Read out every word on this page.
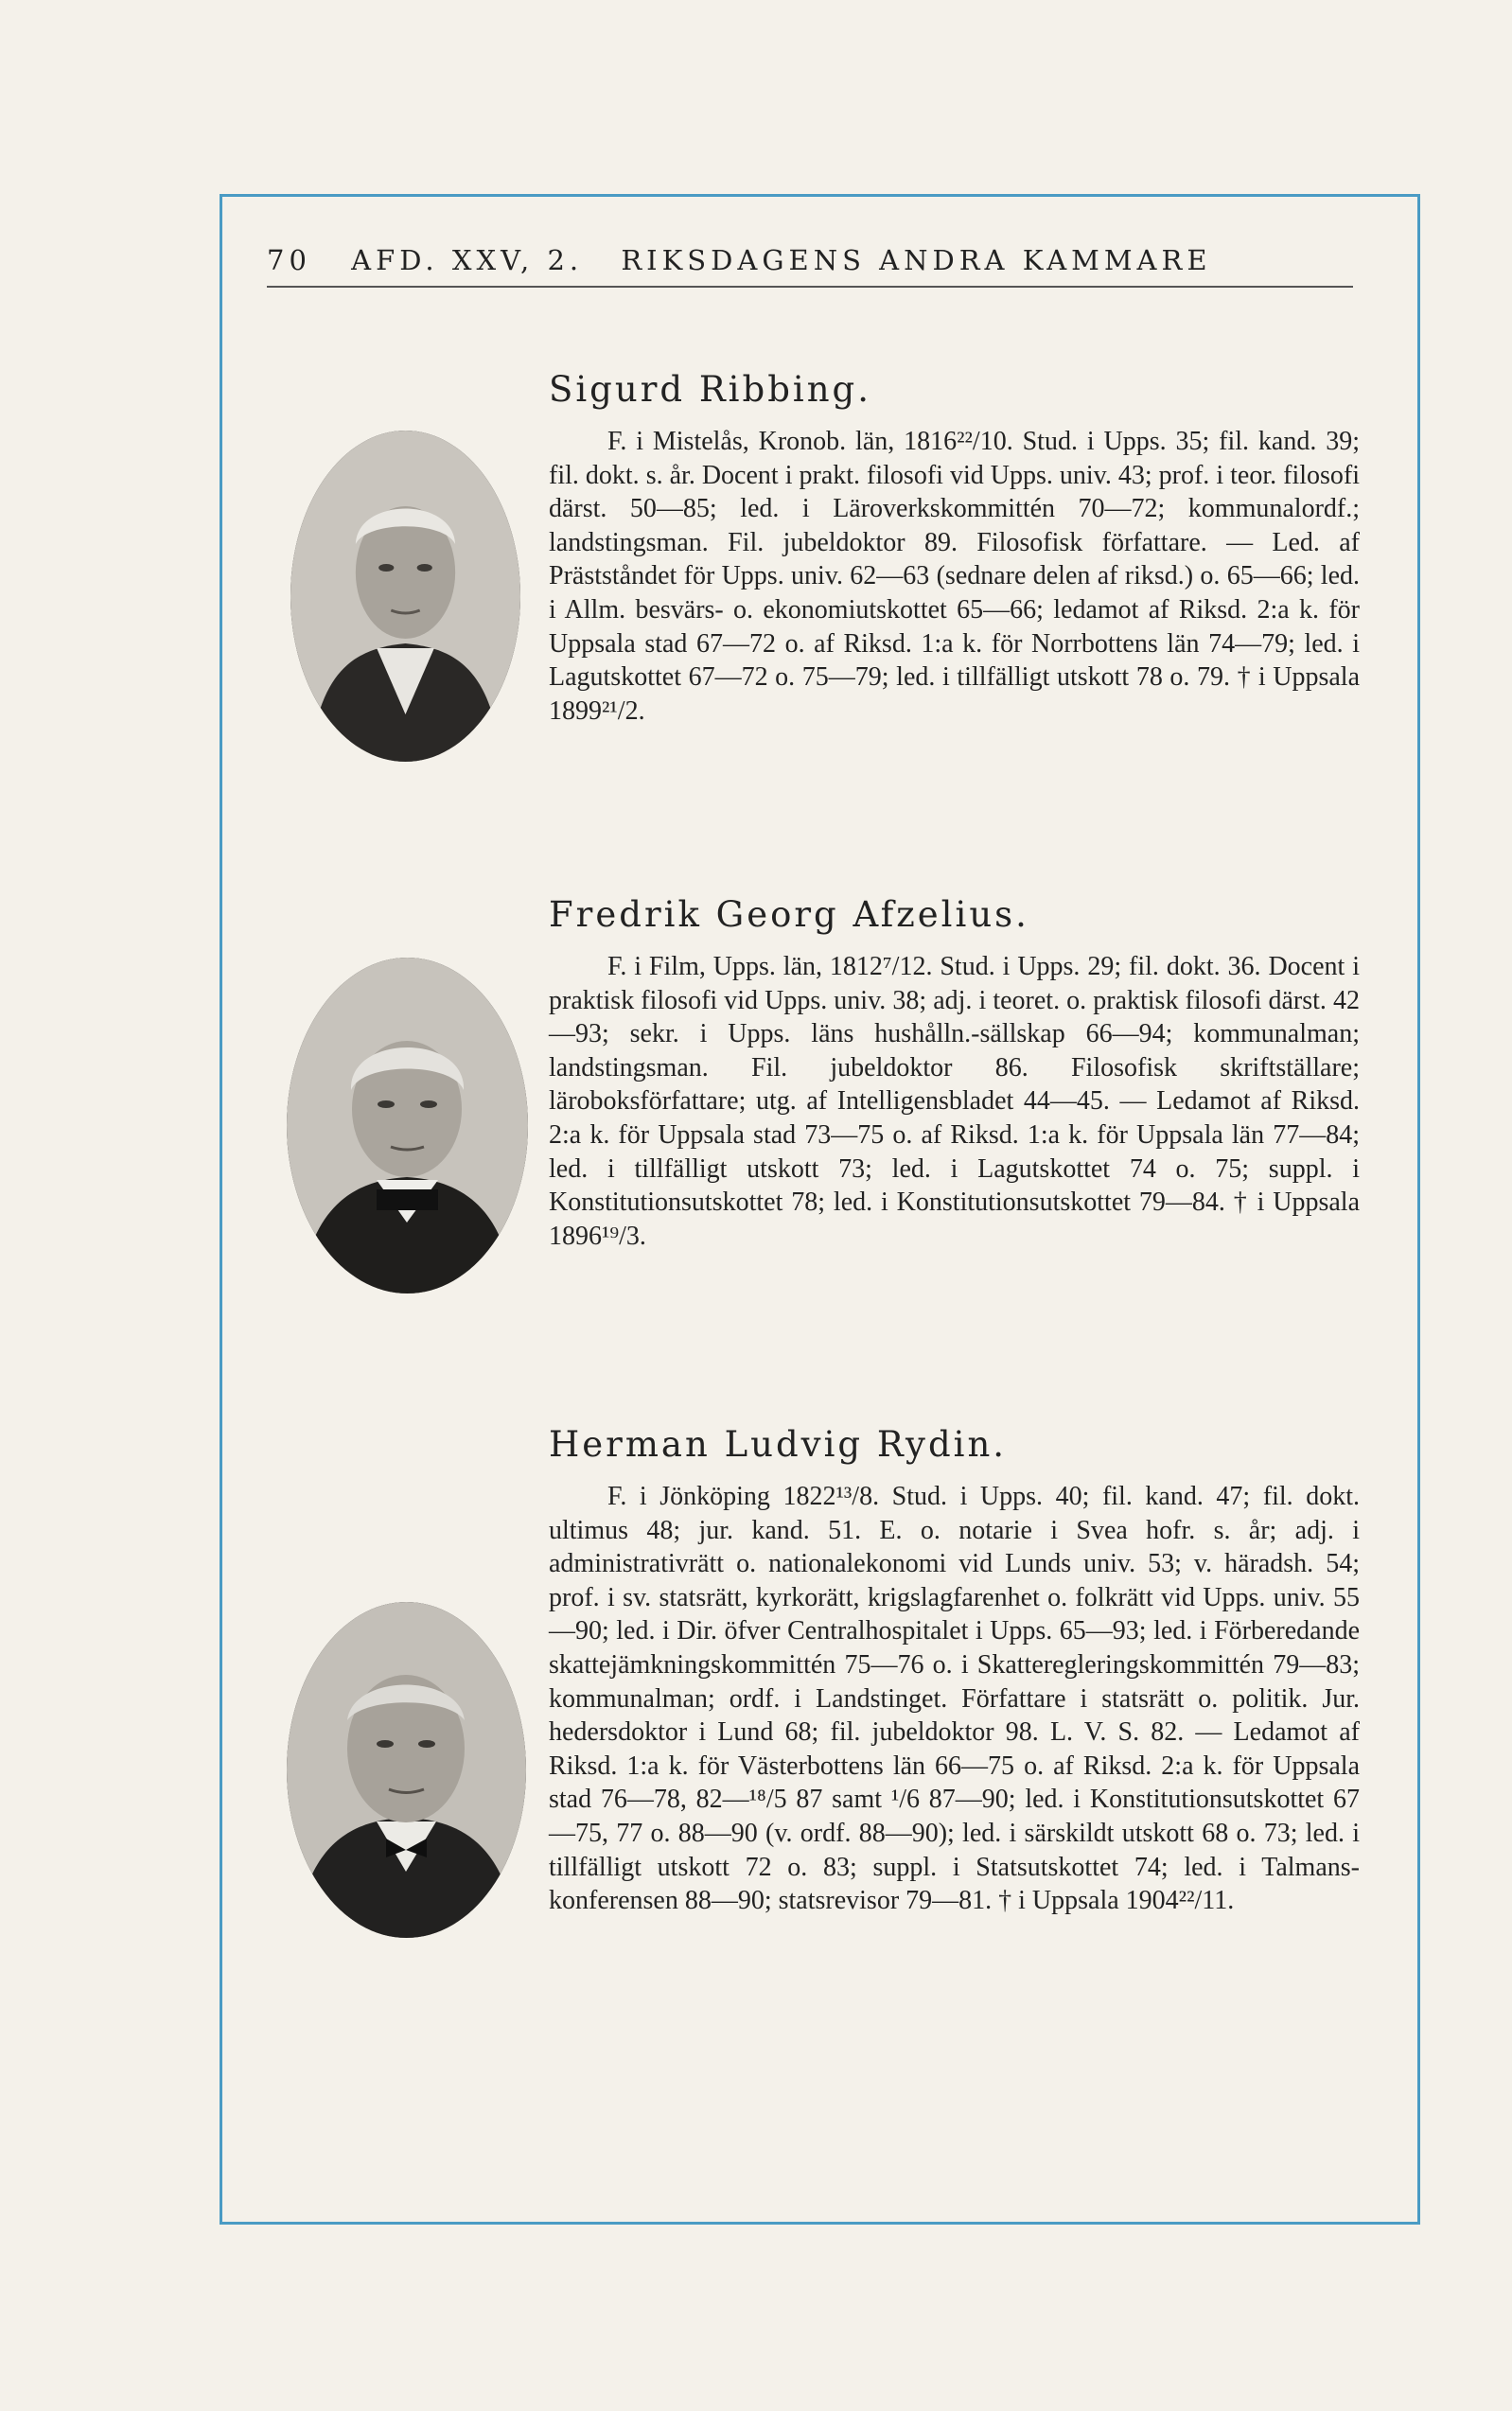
70 AFD. XXV, 2. RIKSDAGENS ANDRA KAMMARE
Sigurd Ribbing.

F. i Mistelås, Kronob. län, 1816²²/10. Stud. i Upps. 35; fil. kand. 39; fil. dokt. s. år. Docent i prakt. filosofi vid Upps. univ. 43; prof. i teor. filosofi därst. 50—85; led. i Läroverkskommittén 70—72; kommunalordf.; landstingsman. Fil. jubeldoktor 89. Filosofisk författare. — Led. af Prästståndet för Upps. univ. 62—63 (sednare delen af riksd.) o. 65—66; led. i Allm. besvärs- o. ekonomiutskottet 65—66; ledamot af Riksd. 2:a k. för Uppsala stad 67—72 o. af Riksd. 1:a k. för Norrbottens län 74—79; led. i Lagutskottet 67—72 o. 75—79; led. i tillfälligt utskott 78 o. 79. † i Uppsala 1899²¹/2.

Fredrik Georg Afzelius.

F. i Film, Upps. län, 1812⁷/12. Stud. i Upps. 29; fil. dokt. 36. Docent i praktisk filosofi vid Upps. univ. 38; adj. i teoret. o. praktisk filosofi därst. 42—93; sekr. i Upps. läns hushålln.-sällskap 66—94; kommunalman; landstingsman. Fil. jubeldoktor 86. Filosofisk skriftställare; läroboksförfattare; utg. af Intelligensbladet 44—45. — Ledamot af Riksd. 2:a k. för Uppsala stad 73—75 o. af Riksd. 1:a k. för Uppsala län 77—84; led. i tillfälligt utskott 73; led. i Lagutskottet 74 o. 75; suppl. i Konstitutionsutskottet 78; led. i Konstitutionsutskottet 79—84. † i Uppsala 1896¹⁹/3.

Herman Ludvig Rydin.

F. i Jönköping 1822¹³/8. Stud. i Upps. 40; fil. kand. 47; fil. dokt. ultimus 48; jur. kand. 51. E. o. notarie i Svea hofr. s. år; adj. i administrativrätt o. nationalekonomi vid Lunds univ. 53; v. häradsh. 54; prof. i sv. statsrätt, kyrkorätt, krigslagfarenhet o. folkrätt vid Upps. univ. 55—90; led. i Dir. öfver Centralhospitalet i Upps. 65—93; led. i Förberedande skattejämkningskommittén 75—76 o. i Skatteregleringskommittén 79—83; kommunalman; ordf. i Landstinget. Författare i statsrätt o. politik. Jur. hedersdoktor i Lund 68; fil. jubeldoktor 98. L. V. S. 82. — Ledamot af Riksd. 1:a k. för Västerbottens län 66—75 o. af Riksd. 2:a k. för Uppsala stad 76—78, 82—¹⁸/5 87 samt ¹/6 87—90; led. i Konstitutionsutskottet 67—75, 77 o. 88—90 (v. ordf. 88—90); led. i särskildt utskott 68 o. 73; led. i tillfälligt utskott 72 o. 83; suppl. i Statsutskottet 74; led. i Talmanskonferensen 88—90; statsrevisor 79—81. † i Uppsala 1904²²/11.
